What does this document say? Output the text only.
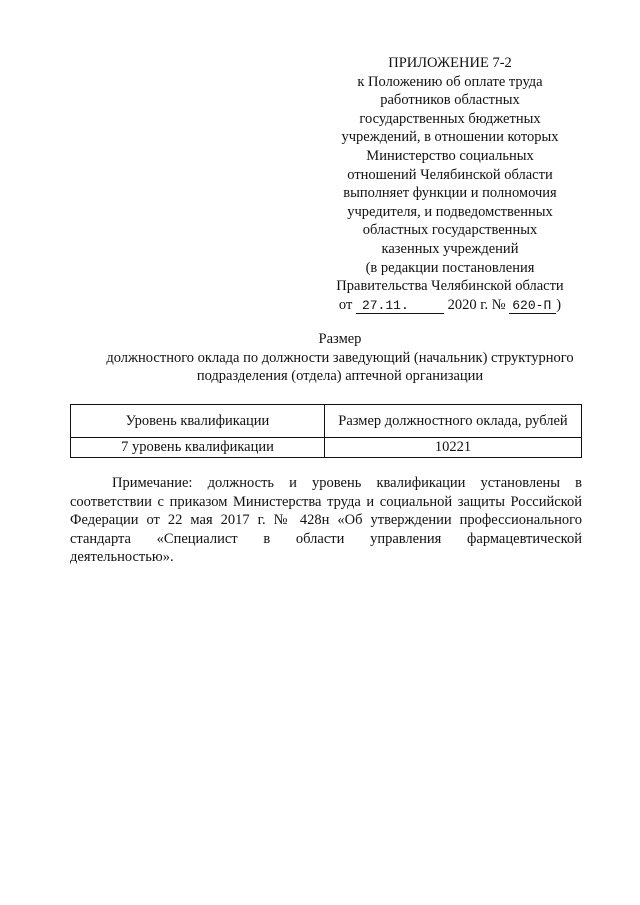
ПРИЛОЖЕНИЕ 7-2
к Положению об оплате труда
работников областных
государственных бюджетных
учреждений, в отношении которых
Министерство социальных
отношений Челябинской области
выполняет функции и полномочия
учредителя, и подведомственных
областных государственных
казенных учреждений
(в редакции постановления
Правительства Челябинской области
от 27.11.	2020 г. № 620-П )
Размер
должностного оклада по должности заведующий (начальник) структурного
подразделения (отдела) аптечной организации
Уровень квалификации	Размер должностного оклада, рублей
7 уровень квалификации	10221
Примечание: должность и уровень квалификации установлены в
соответствии с приказом Министерства труда и социальной защиты Российской
Федерации от 22 мая 2017 г. № 428н «Об утверждении профессионального
стандарта «Специалист в области управления фармацевтической
деятельностью».
